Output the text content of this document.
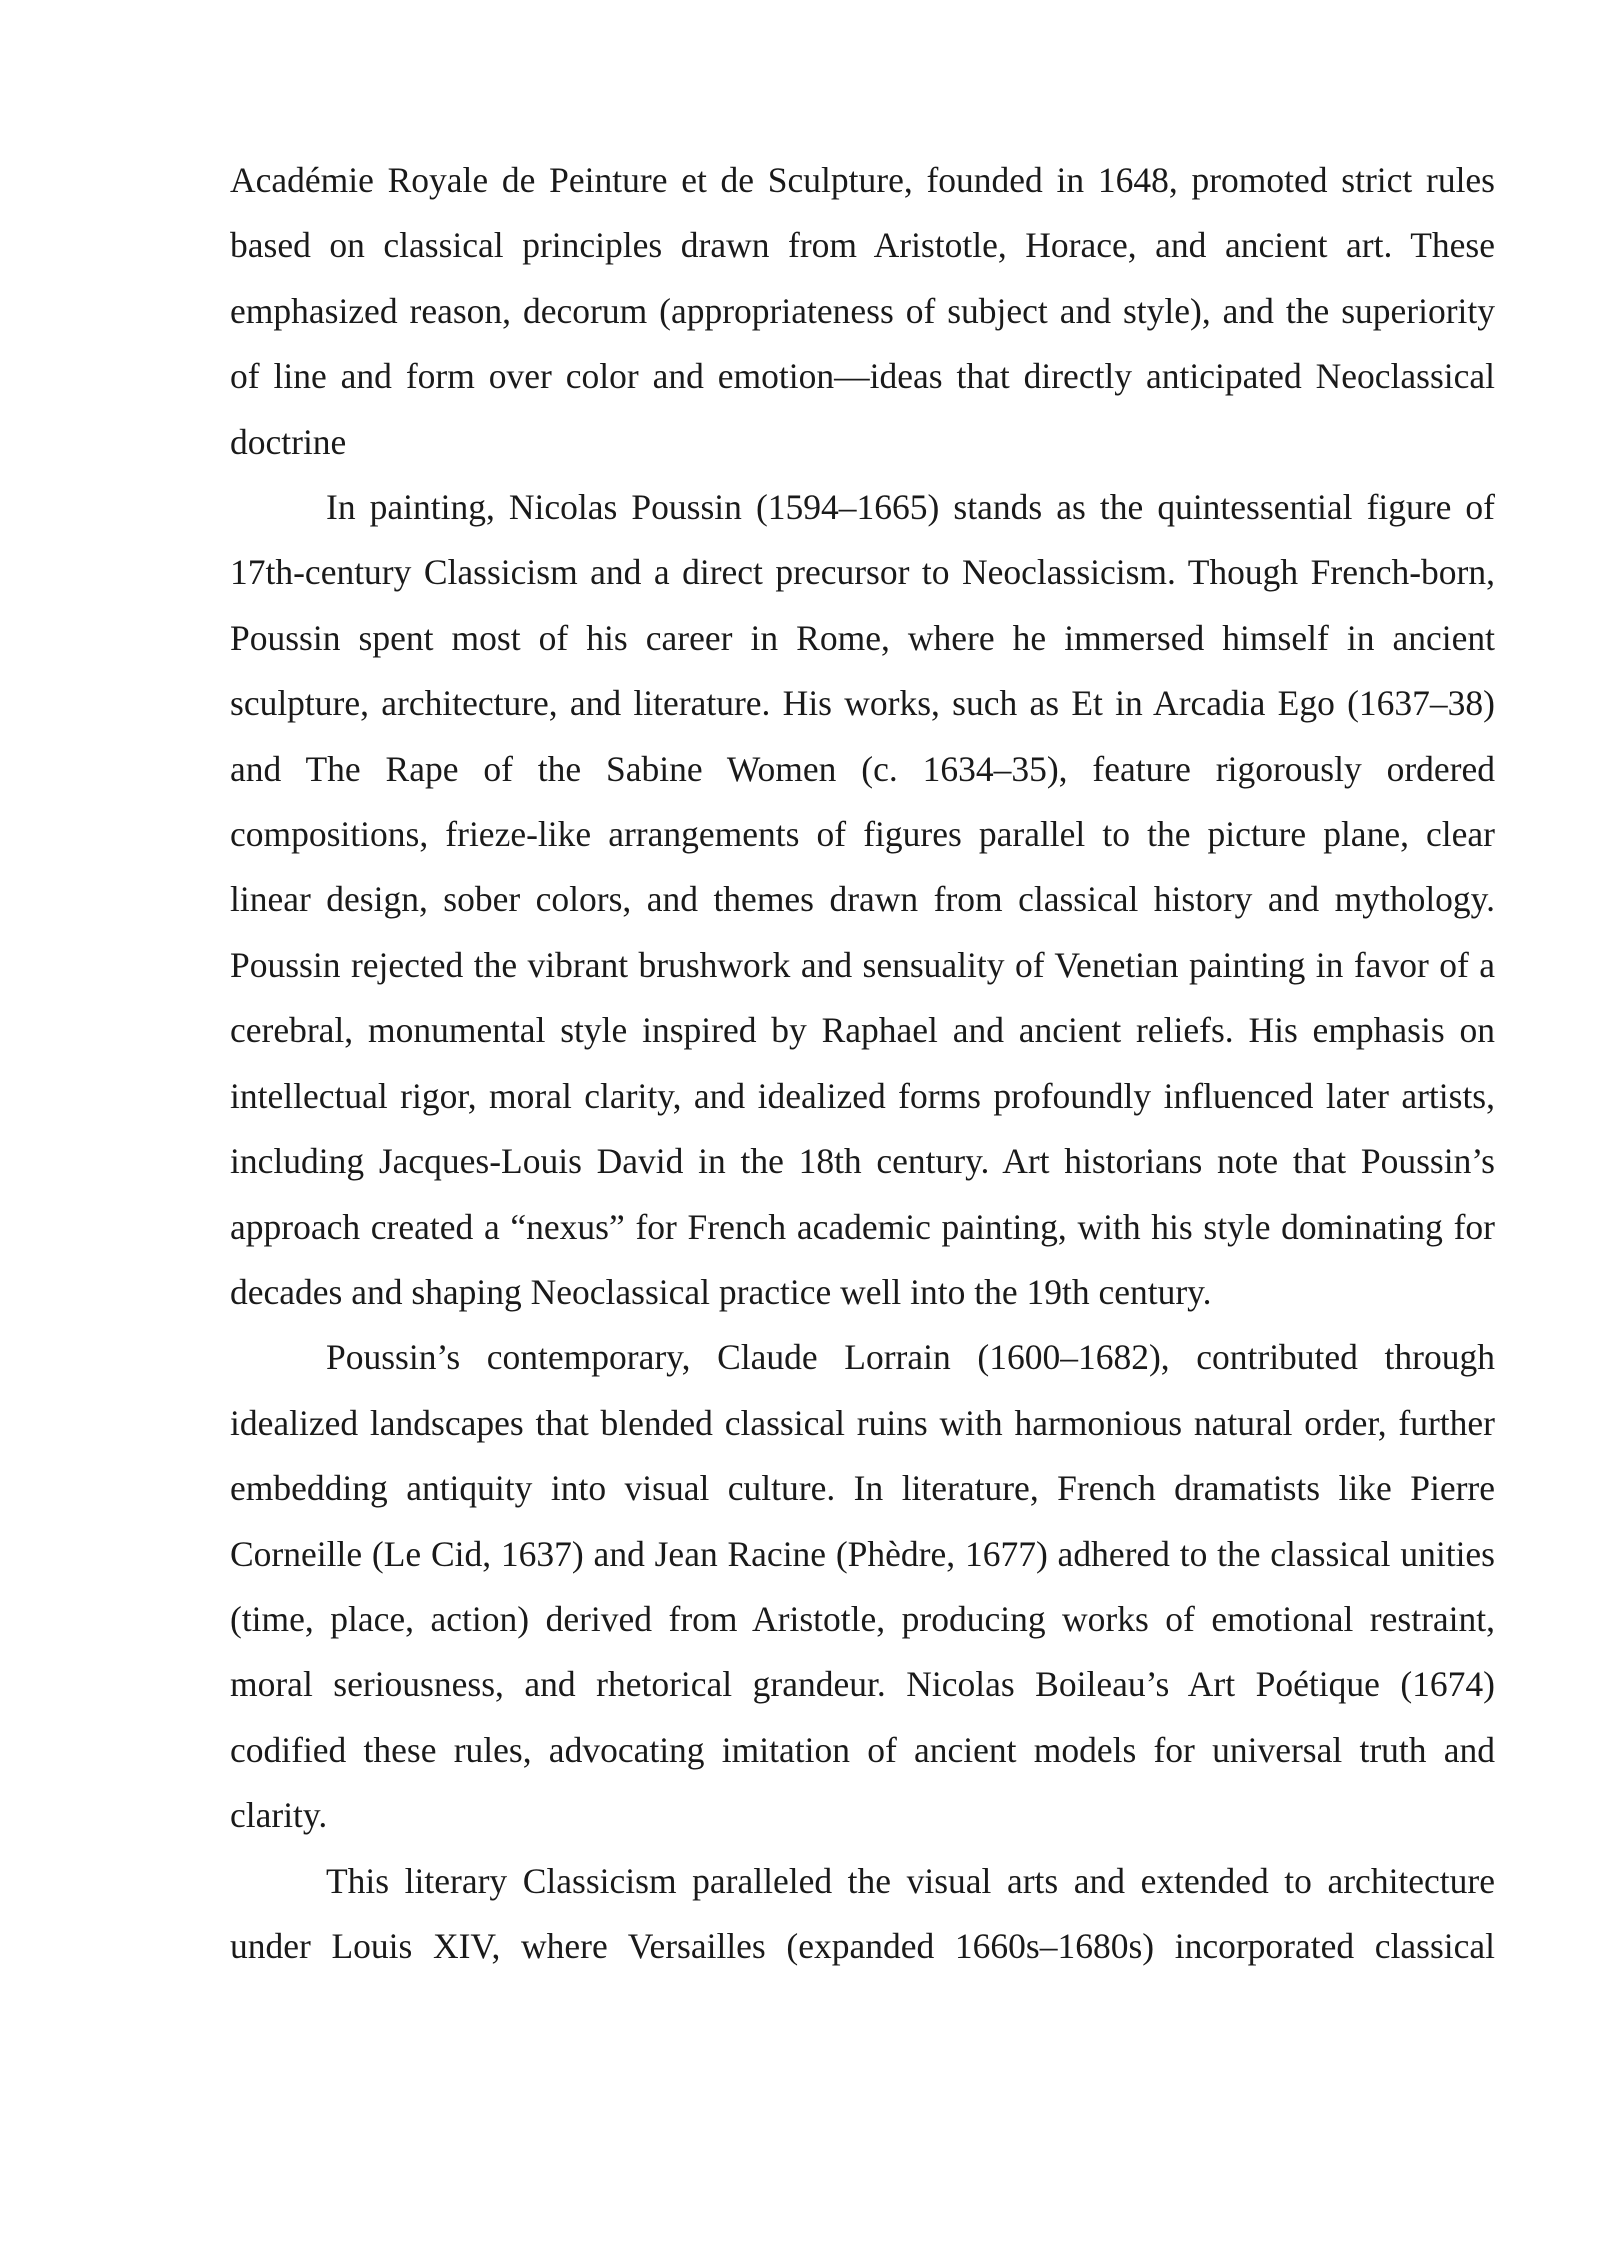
Académie Royale de Peinture et de Sculpture, founded in 1648, promoted strict rules based on classical principles drawn from Aristotle, Horace, and ancient art. These emphasized reason, decorum (appropriateness of subject and style), and the superiority of line and form over color and emotion—ideas that directly anticipated Neoclassical doctrine

In painting, Nicolas Poussin (1594–1665) stands as the quintessential figure of 17th-century Classicism and a direct precursor to Neoclassicism. Though French-born, Poussin spent most of his career in Rome, where he immersed himself in ancient sculpture, architecture, and literature. His works, such as Et in Arcadia Ego (1637–38) and The Rape of the Sabine Women (c. 1634–35), feature rigorously ordered compositions, frieze-like arrangements of figures parallel to the picture plane, clear linear design, sober colors, and themes drawn from classical history and mythology. Poussin rejected the vibrant brushwork and sensuality of Venetian painting in favor of a cerebral, monumental style inspired by Raphael and ancient reliefs. His emphasis on intellectual rigor, moral clarity, and idealized forms profoundly influenced later artists, including Jacques-Louis David in the 18th century. Art historians note that Poussin’s approach created a “nexus” for French academic painting, with his style dominating for decades and shaping Neoclassical practice well into the 19th century.

Poussin’s contemporary, Claude Lorrain (1600–1682), contributed through idealized landscapes that blended classical ruins with harmonious natural order, further embedding antiquity into visual culture. In literature, French dramatists like Pierre Corneille (Le Cid, 1637) and Jean Racine (Phèdre, 1677) adhered to the classical unities (time, place, action) derived from Aristotle, producing works of emotional restraint, moral seriousness, and rhetorical grandeur. Nicolas Boileau’s Art Poétique (1674) codified these rules, advocating imitation of ancient models for universal truth and clarity.

This literary Classicism paralleled the visual arts and extended to architecture under Louis XIV, where Versailles (expanded 1660s–1680s) incorporated classical
